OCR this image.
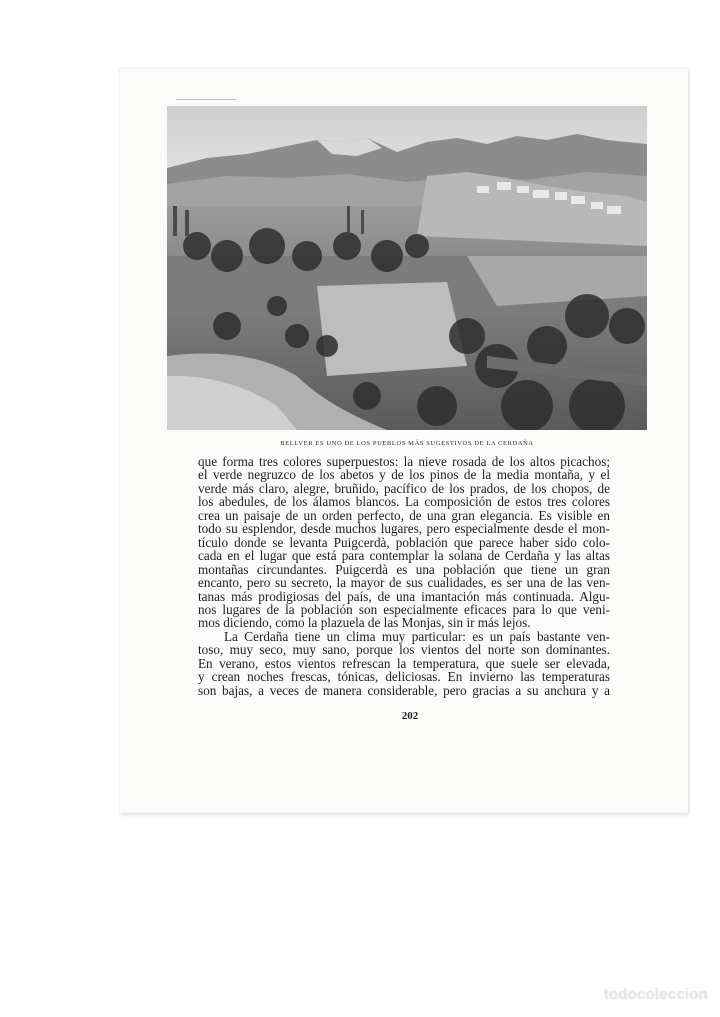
BELLVER ES UNO DE LOS PUEBLOS MÁS SUGESTIVOS DE LA CERDAÑA
que forma tres colores superpuestos: la nieve rosada de los altos picachos;
el verde negruzco de los abetos y de los pinos de la media montaña, y el
verde más claro, alegre, bruñido, pacífico de los prados, de los chopos, de
los abedules, de los álamos blancos. La composición de estos tres colores
crea un paisaje de un orden perfecto, de una gran elegancia. Es visible en
todo su esplendor, desde muchos lugares, pero especialmente desde el mon-
tículo donde se levanta Puigcerdà, población que parece haber sido colo-
cada en el lugar que está para contemplar la solana de Cerdaña y las altas
montañas circundantes. Puigcerdà es una población que tiene un gran
encanto, pero su secreto, la mayor de sus cualidades, es ser una de las ven-
tanas más prodigiosas del país, de una imantación más continuada. Algu-
nos lugares de la población son especialmente eficaces para lo que veni-
mos diciendo, como la plazuela de las Monjas, sin ir más lejos.
La Cerdaña tiene un clima muy particular: es un país bastante ven-
toso, muy seco, muy sano, porque los vientos del norte son dominantes.
En verano, estos vientos refrescan la temperatura, que suele ser elevada,
y crean noches frescas, tónicas, deliciosas. En invierno las temperaturas
son bajas, a veces de manera considerable, pero gracias a su anchura y a
202
todocoleccion
